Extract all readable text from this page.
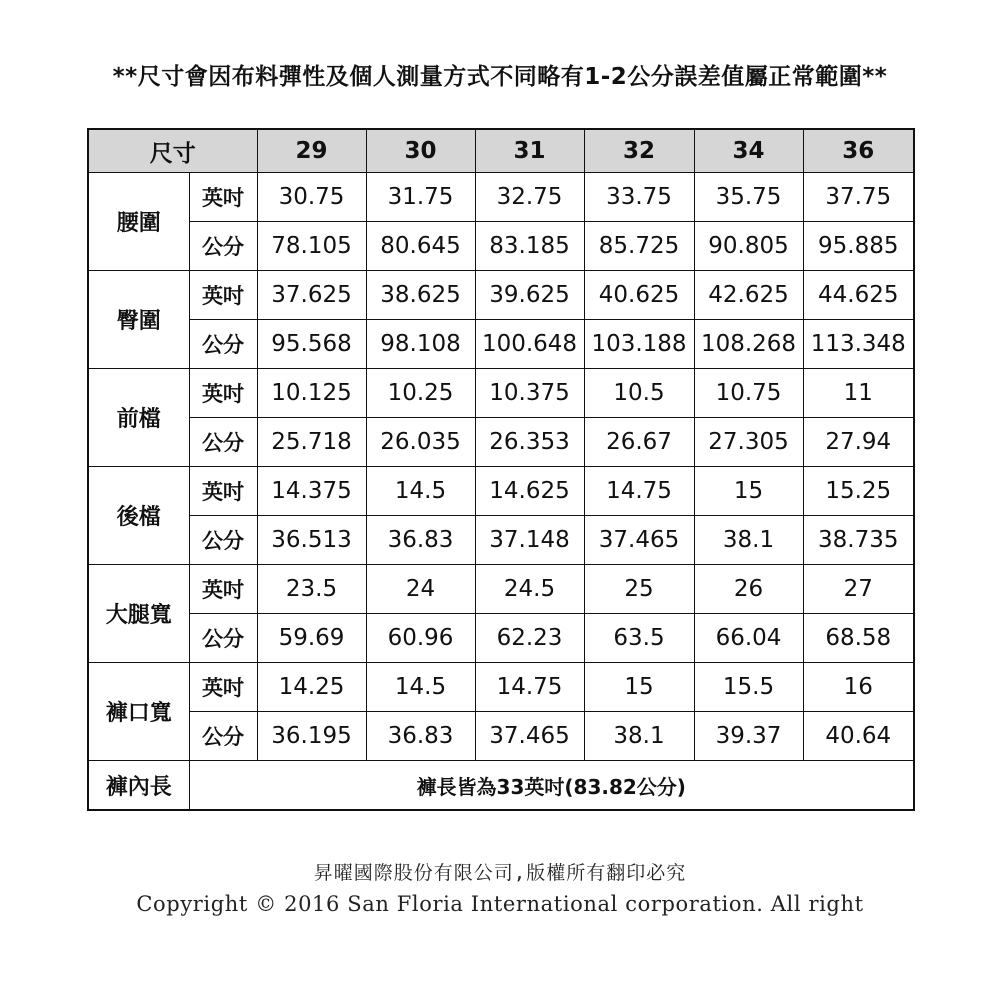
**尺寸會因布料彈性及個人測量方式不同略有1-2公分誤差值屬正常範圍**
尺寸		29	30	31	32	34	36
腰圍	英吋	30.75	31.75	32.75	33.75	35.75	37.75
	公分	78.105	80.645	83.185	85.725	90.805	95.885
臀圍	英吋	37.625	38.625	39.625	40.625	42.625	44.625
	公分	95.568	98.108	100.648	103.188	108.268	113.348
前檔	英吋	10.125	10.25	10.375	10.5	10.75	11
	公分	25.718	26.035	26.353	26.67	27.305	27.94
後檔	英吋	14.375	14.5	14.625	14.75	15	15.25
	公分	36.513	36.83	37.148	37.465	38.1	38.735
大腿寬	英吋	23.5	24	24.5	25	26	27
	公分	59.69	60.96	62.23	63.5	66.04	68.58
褲口寬	英吋	14.25	14.5	14.75	15	15.5	16
	公分	36.195	36.83	37.465	38.1	39.37	40.64
褲內長	褲長皆為33英吋(83.82公分)						
昇曜國際股份有限公司,版權所有翻印必究
Copyright © 2016 San Floria International corporation. All right
